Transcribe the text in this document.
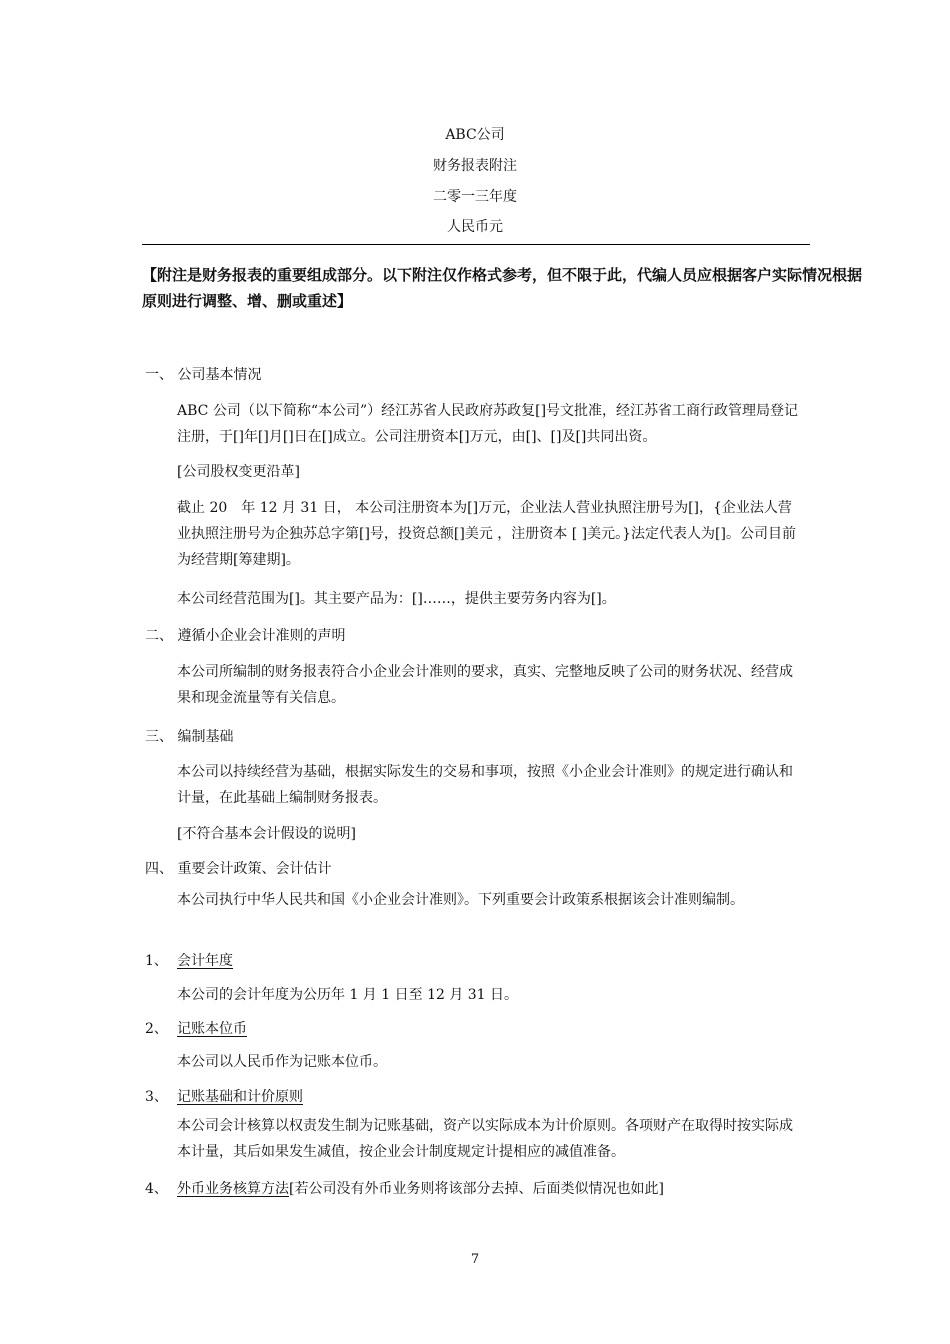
ABC公司
财务报表附注
二零一三年度
人民币元
【附注是财务报表的重要组成部分。以下附注仅作格式参考，但不限于此，代编人员应根据客户实际情况根据
原则进行调整、增、删或重述】
一、 公司基本情况
ABC 公司（以下简称“本公司”）经江苏省人民政府苏政复[]号文批准，经江苏省工商行政管理局登记注册，于[]年[]月[]日在[]成立。公司注册资本[]万元，由[]、[]及[]共同出资。
[公司股权变更沿革]
截止 20　年 12 月 31 日， 本公司注册资本为[]万元，企业法人营业执照注册号为[]，{企业法人营业执照注册号为企独苏总字第[]号，投资总额[]美元 ，注册资本 [ ]美元。}法定代表人为[]。公司目前为经营期[筹建期]。
本公司经营范围为[]。其主要产品为：[]……，提供主要劳务内容为[]。
二、 遵循小企业会计准则的声明
本公司所编制的财务报表符合小企业会计准则的要求，真实、完整地反映了公司的财务状况、经营成果和现金流量等有关信息。
三、 编制基础
本公司以持续经营为基础，根据实际发生的交易和事项，按照《小企业会计准则》的规定进行确认和计量，在此基础上编制财务报表。
[不符合基本会计假设的说明]
四、 重要会计政策、会计估计
本公司执行中华人民共和国《小企业会计准则》。下列重要会计政策系根据该会计准则编制。
1、 会计年度
本公司的会计年度为公历年 1 月 1 日至 12 月 31 日。
2、 记账本位币
本公司以人民币作为记账本位币。
3、 记账基础和计价原则
本公司会计核算以权责发生制为记账基础，资产以实际成本为计价原则。各项财产在取得时按实际成本计量，其后如果发生减值，按企业会计制度规定计提相应的减值准备。
4、 外币业务核算方法[若公司没有外币业务则将该部分去掉、后面类似情况也如此]
7
